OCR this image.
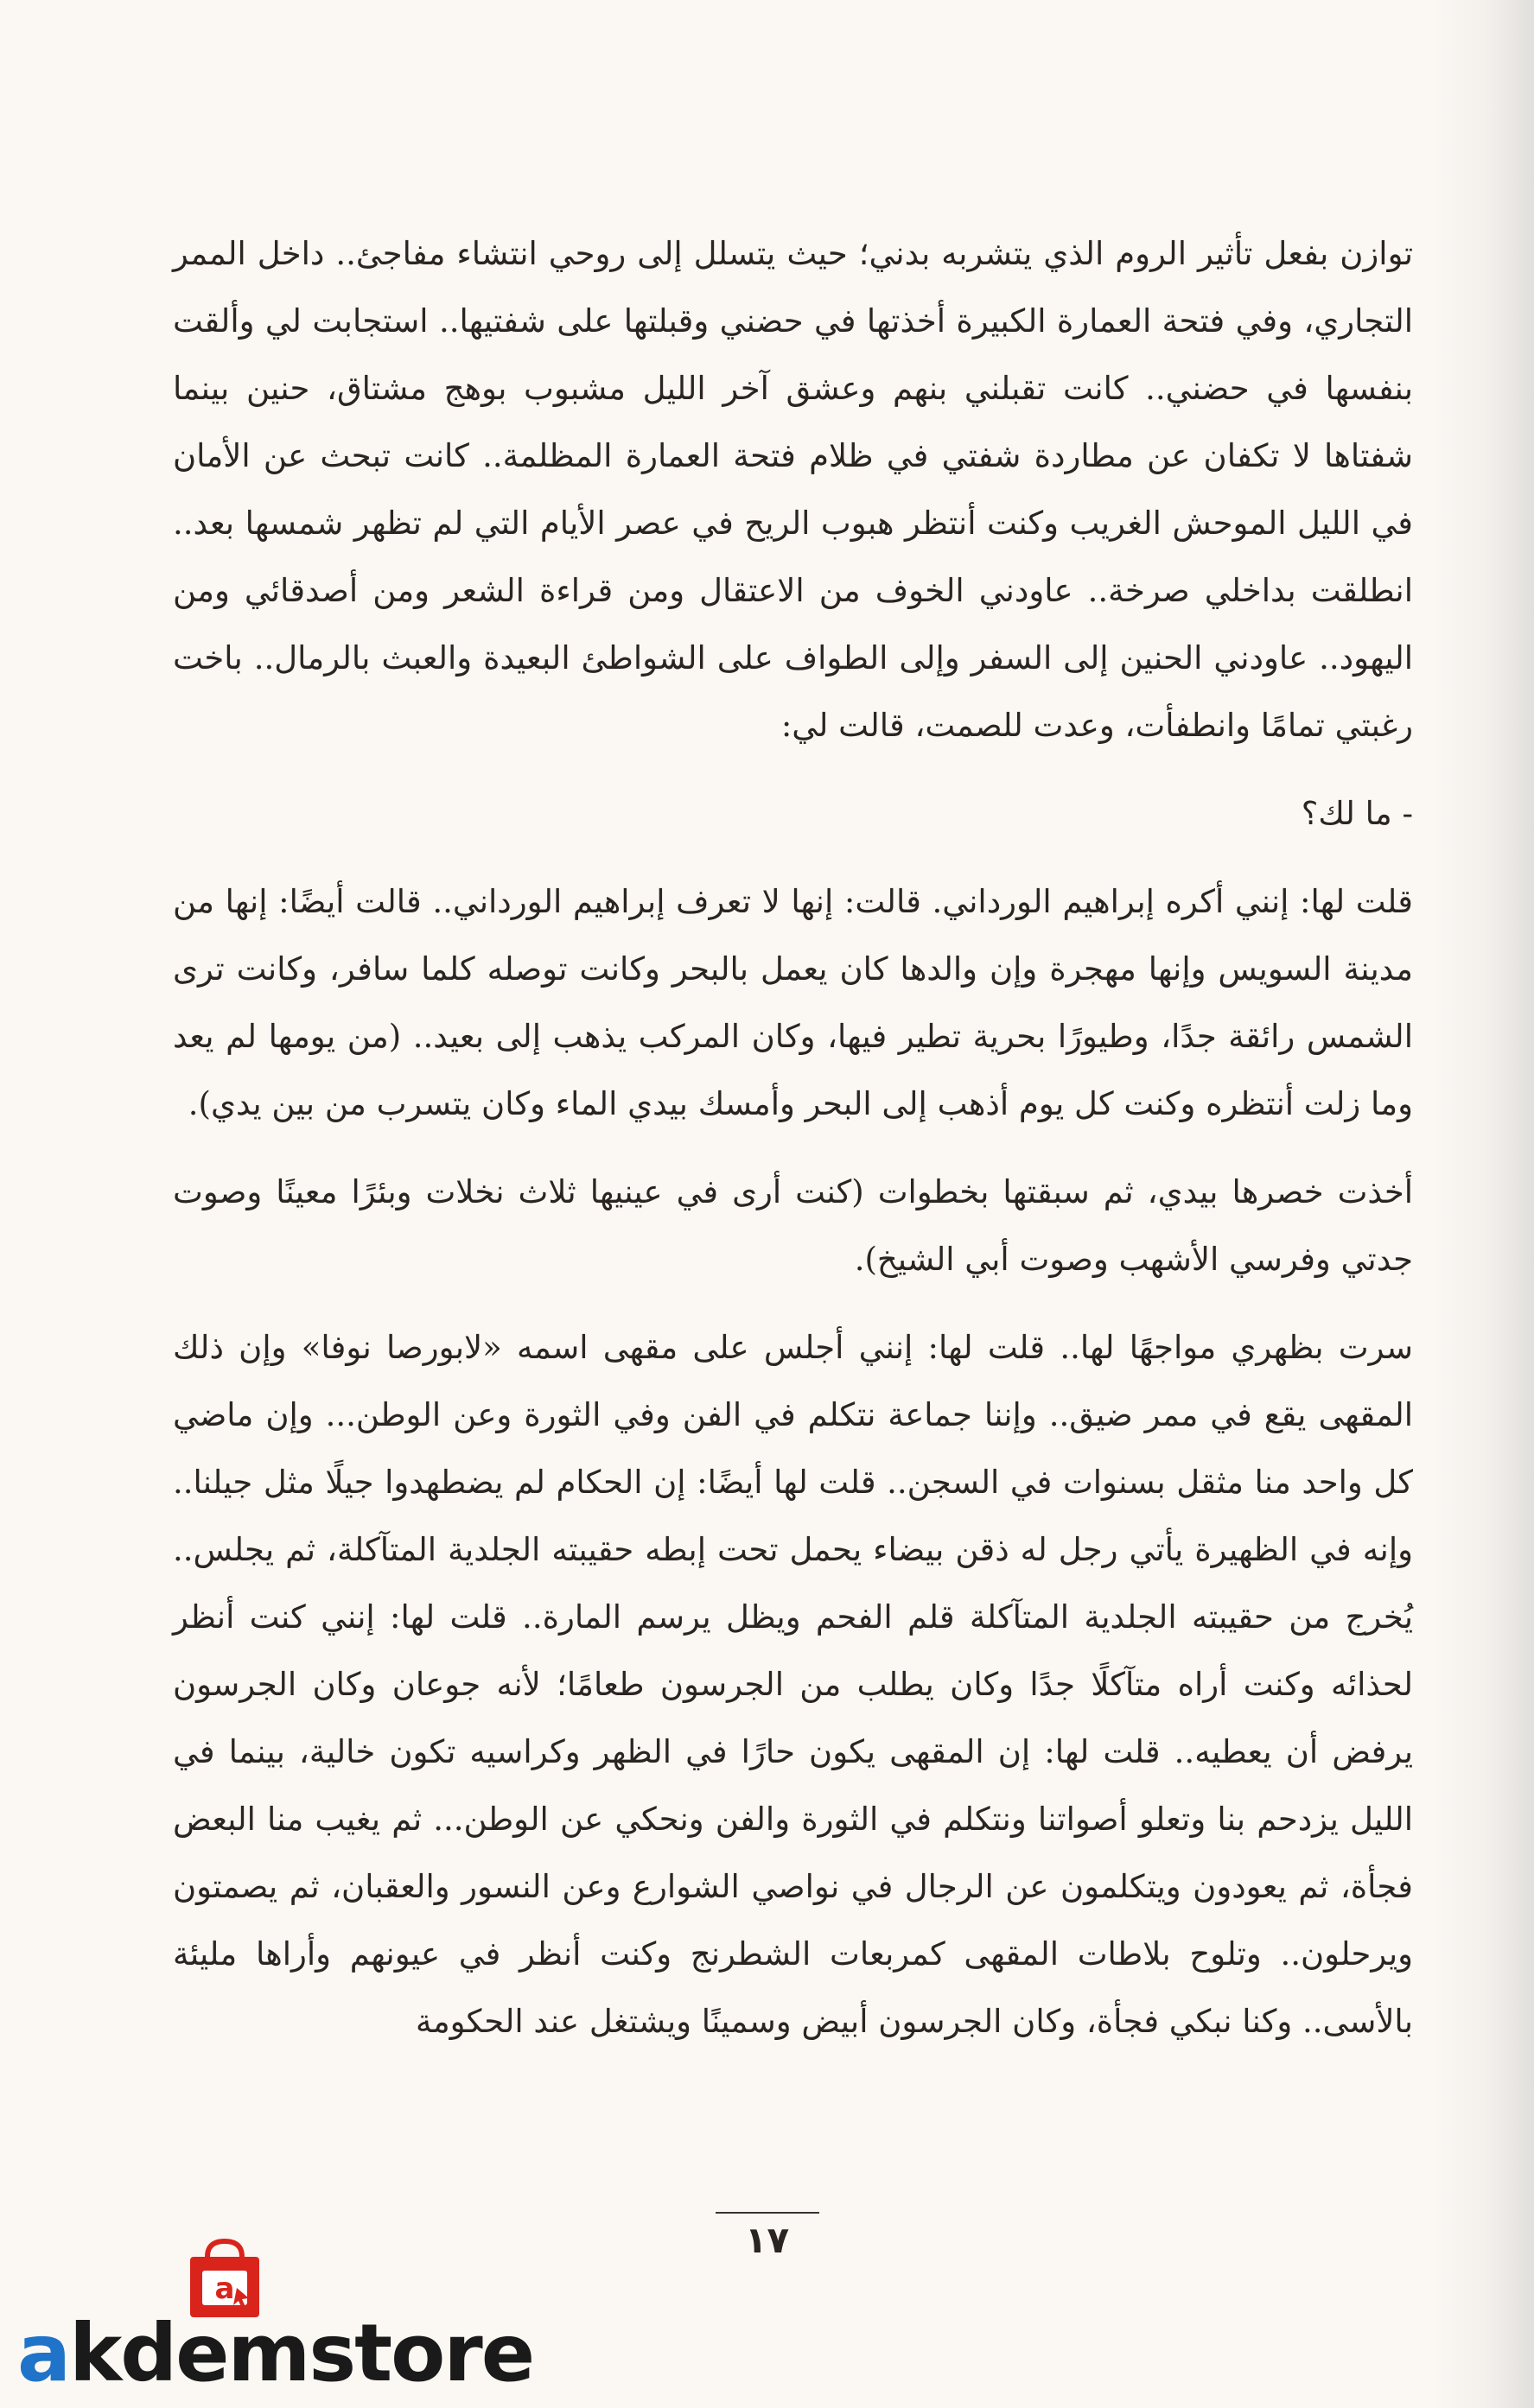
توازن بفعل تأثير الروم الذي يتشربه بدني؛ حيث يتسلل إلى روحي انتشاء مفاجئ.. داخل الممر التجاري، وفي فتحة العمارة الكبيرة أخذتها في حضني وقبلتها على شفتيها.. استجابت لي وألقت بنفسها في حضني.. كانت تقبلني بنهم وعشق آخر الليل مشبوب بوهج مشتاق، حنين بينما شفتاها لا تكفان عن مطاردة شفتي في ظلام فتحة العمارة المظلمة.. كانت تبحث عن الأمان في الليل الموحش الغريب وكنت أنتظر هبوب الريح في عصر الأيام التي لم تظهر شمسها بعد.. انطلقت بداخلي صرخة.. عاودني الخوف من الاعتقال ومن قراءة الشعر ومن أصدقائي ومن اليهود.. عاودني الحنين إلى السفر وإلى الطواف على الشواطئ البعيدة والعبث بالرمال.. باخت رغبتي تمامًا وانطفأت، وعدت للصمت، قالت لي:

- ما لك؟

قلت لها: إنني أكره إبراهيم الورداني. قالت: إنها لا تعرف إبراهيم الورداني.. قالت أيضًا: إنها من مدينة السويس وإنها مهجرة وإن والدها كان يعمل بالبحر وكانت توصله كلما سافر، وكانت ترى الشمس رائقة جدًا، وطيورًا بحرية تطير فيها، وكان المركب يذهب إلى بعيد.. (من يومها لم يعد وما زلت أنتظره وكنت كل يوم أذهب إلى البحر وأمسك بيدي الماء وكان يتسرب من بين يدي).

أخذت خصرها بيدي، ثم سبقتها بخطوات (كنت أرى في عينيها ثلاث نخلات وبئرًا معينًا وصوت جدتي وفرسي الأشهب وصوت أبي الشيخ).

سرت بظهري مواجهًا لها.. قلت لها: إنني أجلس على مقهى اسمه «لابورصا نوفا» وإن ذلك المقهى يقع في ممر ضيق.. وإننا جماعة نتكلم في الفن وفي الثورة وعن الوطن... وإن ماضي كل واحد منا مثقل بسنوات في السجن.. قلت لها أيضًا: إن الحكام لم يضطهدوا جيلًا مثل جيلنا.. وإنه في الظهيرة يأتي رجل له ذقن بيضاء يحمل تحت إبطه حقيبته الجلدية المتآكلة، ثم يجلس.. يُخرج من حقيبته الجلدية المتآكلة قلم الفحم ويظل يرسم المارة.. قلت لها: إنني كنت أنظر لحذائه وكنت أراه متآكلًا جدًا وكان يطلب من الجرسون طعامًا؛ لأنه جوعان وكان الجرسون يرفض أن يعطيه.. قلت لها: إن المقهى يكون حارًا في الظهر وكراسيه تكون خالية، بينما في الليل يزدحم بنا وتعلو أصواتنا ونتكلم في الثورة والفن ونحكي عن الوطن... ثم يغيب منا البعض فجأة، ثم يعودون ويتكلمون عن الرجال في نواصي الشوارع وعن النسور والعقبان، ثم يصمتون ويرحلون.. وتلوح بلاطات المقهى كمربعات الشطرنج وكنت أنظر في عيونهم وأراها مليئة بالأسى.. وكنا نبكي فجأة، وكان الجرسون أبيض وسمينًا ويشتغل عند الحكومة

١٧
a
akdemstore
